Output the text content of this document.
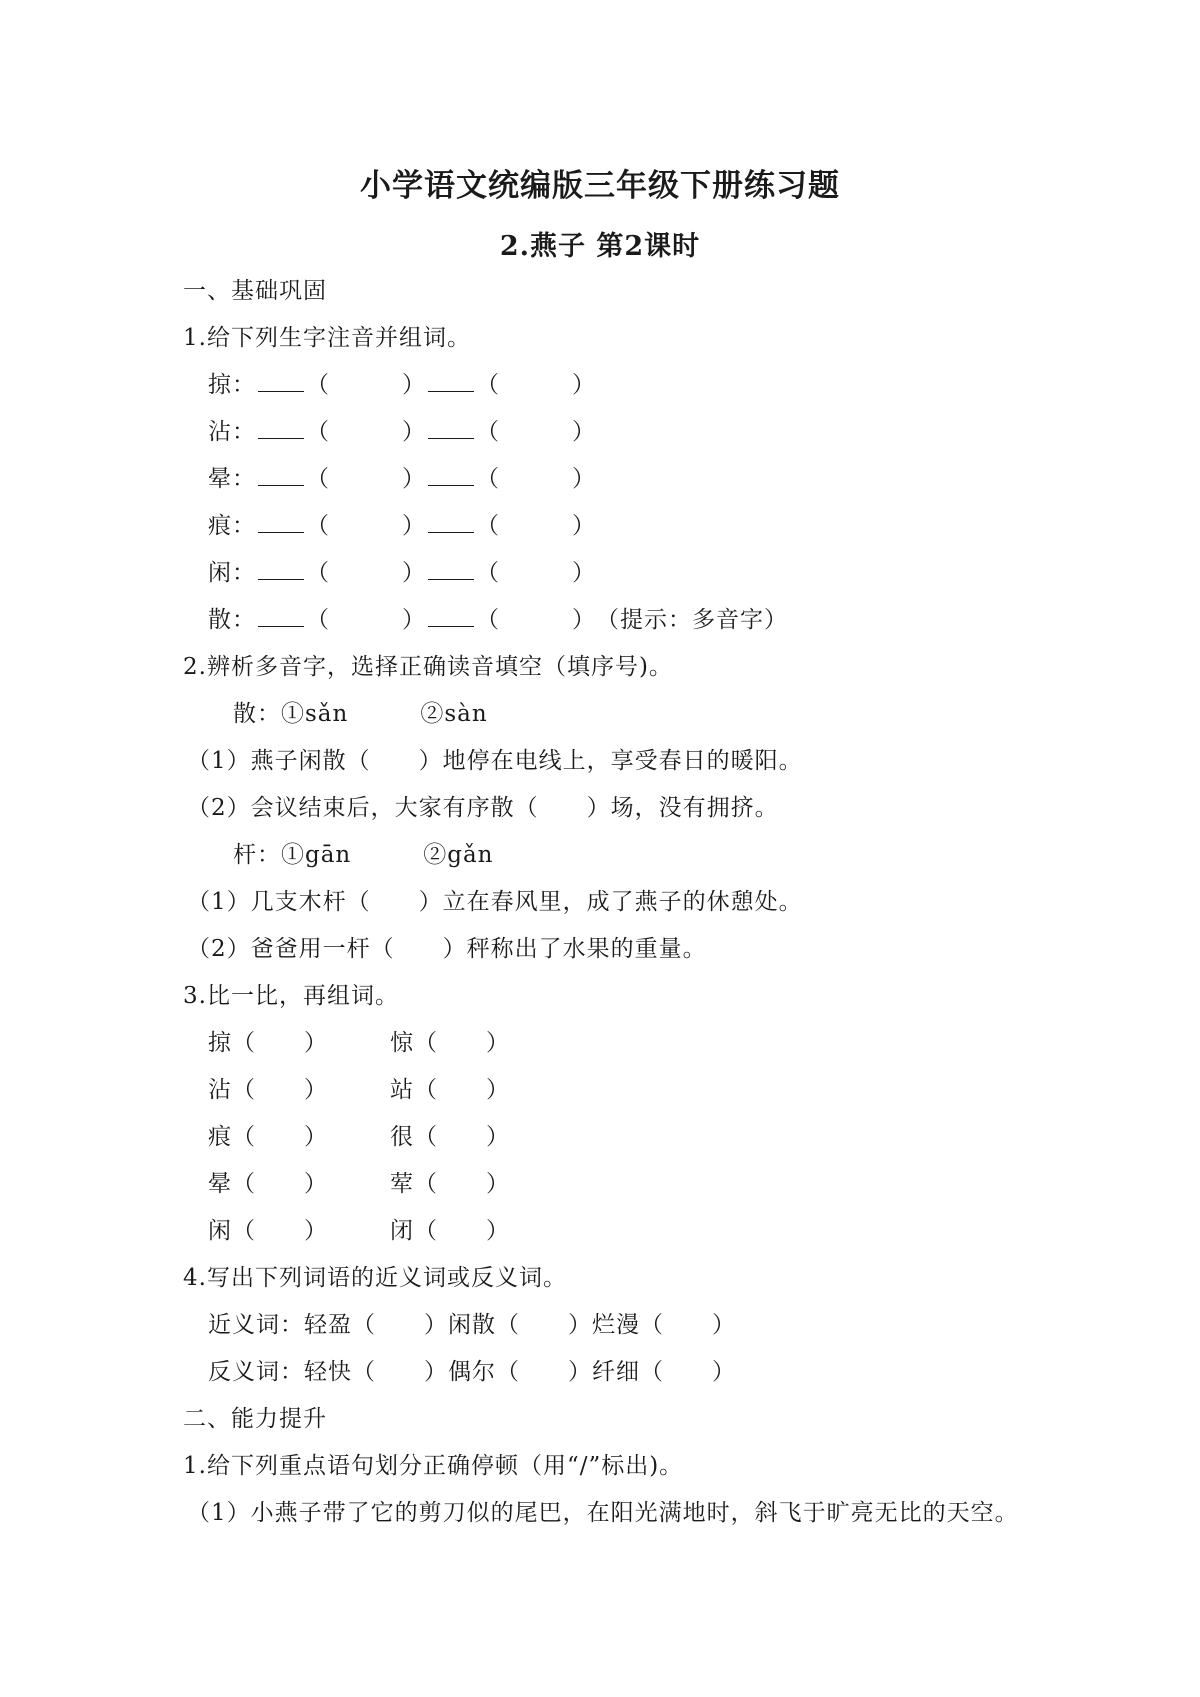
小学语文统编版三年级下册练习题
2.燕子 第2课时
一、基础巩固
1.给下列生字注音并组词。
掠： （　　　） （　　　）
沾： （　　　） （　　　）
晕： （　　　） （　　　）
痕： （　　　） （　　　）
闲： （　　　） （　　　）
散： （　　　） （　　　）（提示：多音字）
2.辨析多音字，选择正确读音填空（填序号)。
散：①sǎn　　　②sàn
（1）燕子闲散（　　）地停在电线上，享受春日的暖阳。
（2）会议结束后，大家有序散（　　）场，没有拥挤。
杆：①gān　　　②gǎn
（1）几支木杆（　　）立在春风里，成了燕子的休憩处。
（2）爸爸用一杆（　　）秤称出了水果的重量。
3.比一比，再组词。
掠（　　）	惊（　　）
沾（　　）	站（　　）
痕（　　）	很（　　）
晕（　　）	荤（　　）
闲（　　）	闭（　　）
4.写出下列词语的近义词或反义词。
近义词：轻盈（　　）闲散（　　）烂漫（　　）
反义词：轻快（　　）偶尔（　　）纤细（　　）
二、能力提升
1.给下列重点语句划分正确停顿（用“/”标出)。
（1）小燕子带了它的剪刀似的尾巴，在阳光满地时，斜飞于旷亮无比的天空。
